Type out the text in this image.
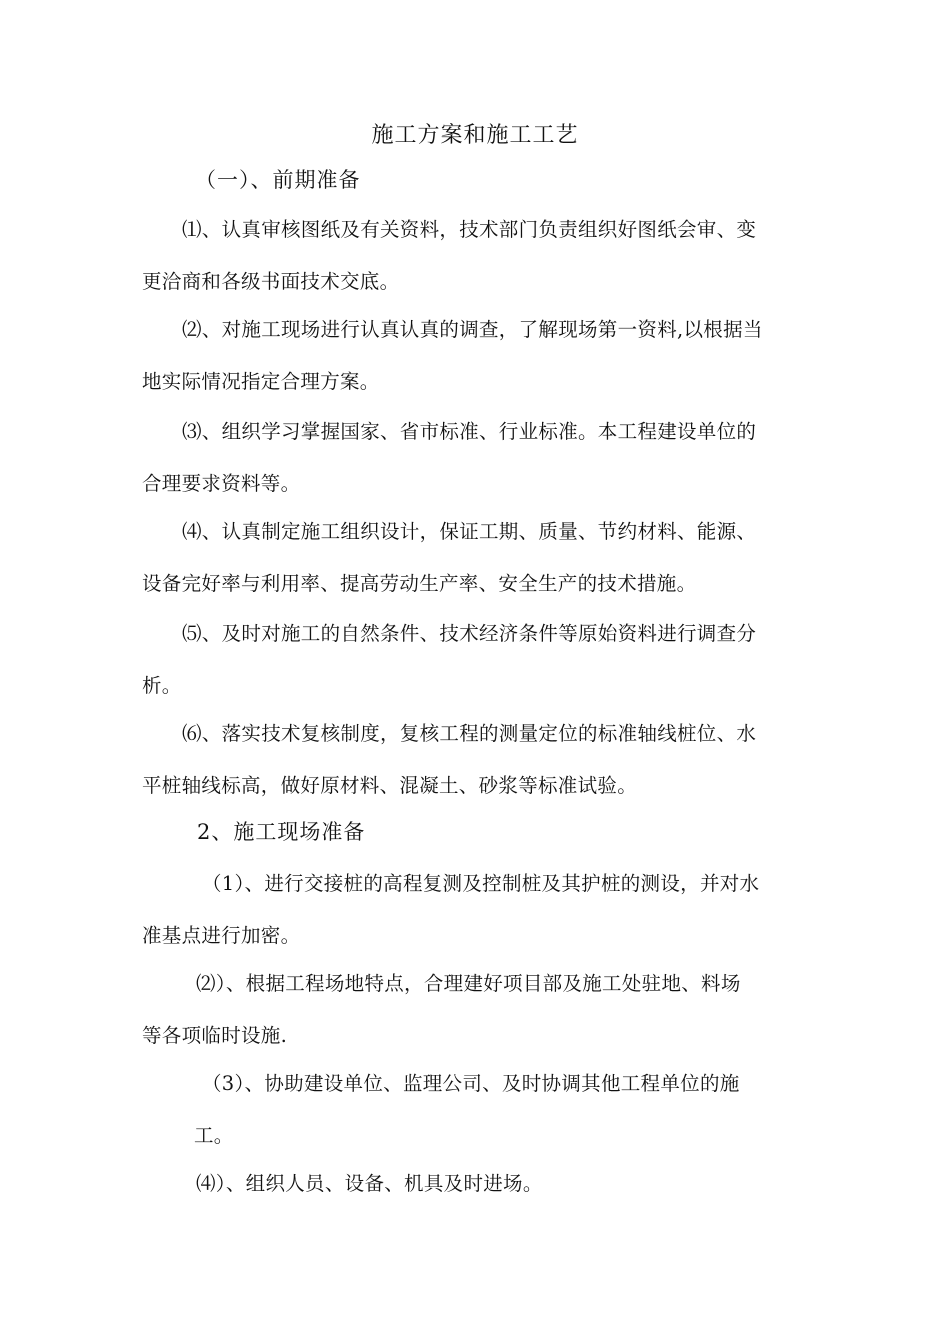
施工方案和施工工艺
（一）、前期准备
⑴、认真审核图纸及有关资料，技术部门负责组织好图纸会审、变
更洽商和各级书面技术交底。
⑵、对施工现场进行认真认真的调查，了解现场第一资料,以根据当
地实际情况指定合理方案。
⑶、组织学习掌握国家、省市标准、行业标准。本工程建设单位的
合理要求资料等。
⑷、认真制定施工组织设计，保证工期、质量、节约材料、能源、
设备完好率与利用率、提高劳动生产率、安全生产的技术措施。
⑸、及时对施工的自然条件、技术经济条件等原始资料进行调查分
析。
⑹、落实技术复核制度，复核工程的测量定位的标准轴线桩位、水
平桩轴线标高，做好原材料、混凝土、砂浆等标准试验。
2、施工现场准备
（1）、进行交接桩的高程复测及控制桩及其护桩的测设，并对水
准基点进行加密。
⑵）、根据工程场地特点，合理建好项目部及施工处驻地、料场
等各项临时设施.
（3）、协助建设单位、监理公司、及时协调其他工程单位的施
工。
⑷）、组织人员、设备、机具及时进场。
